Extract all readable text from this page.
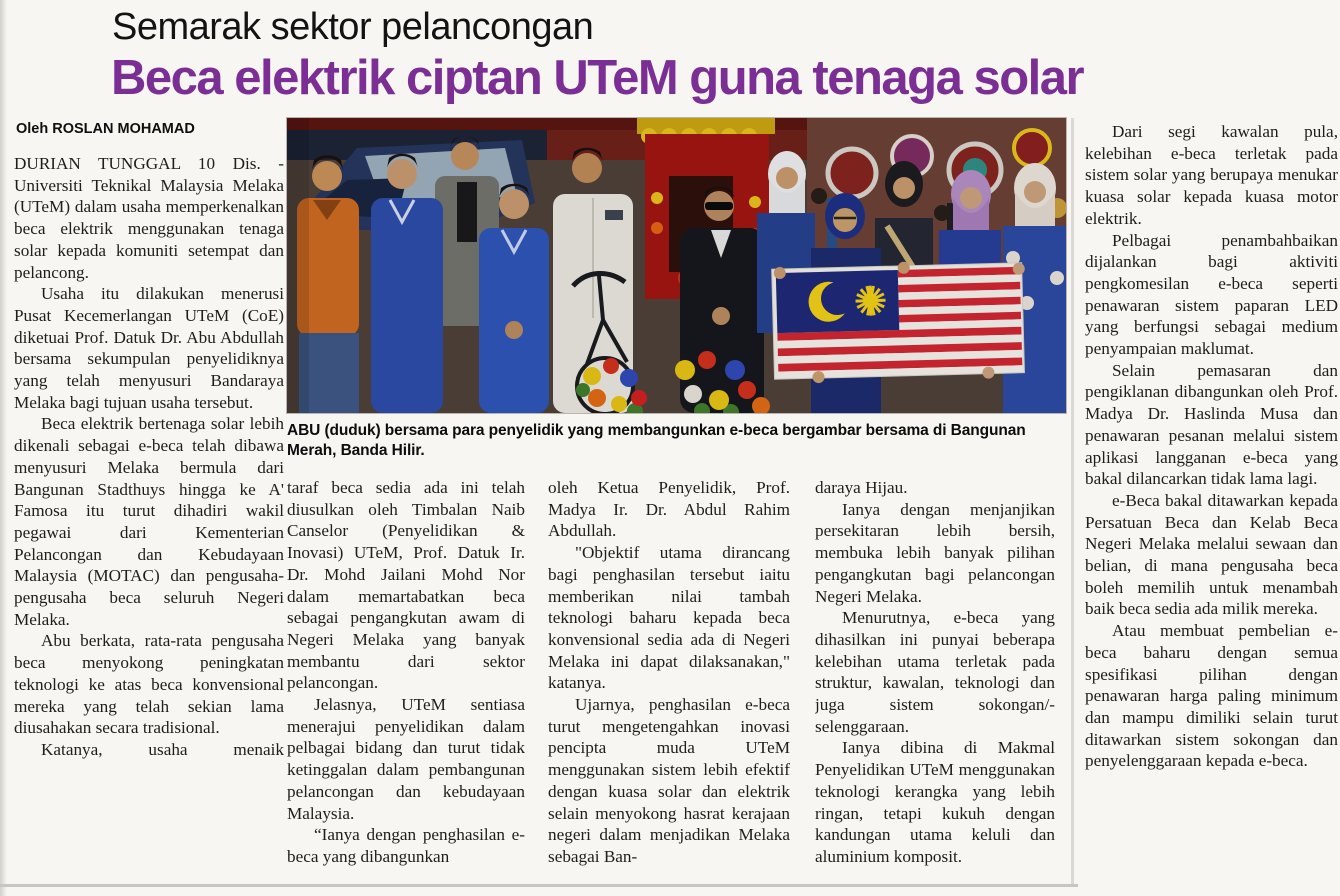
Semarak sektor pelancongan
Beca elektrik ciptan UTeM guna tenaga solar
Oleh ROSLAN MOHAMAD

DURIAN TUNGGAL 10 Dis. - Universiti Teknikal Malaysia Melaka (UTeM) dalam usaha memperkenalkan beca elektrik menggunakan tenaga solar kepada komuniti setempat dan pelancong.

Usaha itu dilakukan menerusi Pusat Kecemerlangan UTeM (CoE) diketuai Prof. Datuk Dr. Abu Abdullah bersama sekumpulan penyelidiknya yang telah menyusuri Bandaraya Melaka bagi tujuan usaha tersebut.

Beca elektrik bertenaga solar lebih dikenali sebagai e-beca telah dibawa menyusuri Melaka bermula dari Bangunan Stadthuys hingga ke A' Famosa itu turut dihadiri wakil pegawai dari Kementerian Pelancongan dan Kebudayaan Malaysia (MOTAC) dan pengusaha-pengusaha beca seluruh Negeri Melaka.

Abu berkata, rata-rata pengusaha beca menyokong peningkatan teknologi ke atas beca konvensional mereka yang telah sekian lama diusahakan secara tradisional.

Katanya, usaha menaik

ABU (duduk) bersama para penyelidik yang membangunkan e-beca bergambar bersama di Bangunan Merah, Banda Hilir.

taraf beca sedia ada ini telah diusulkan oleh Timbalan Naib Canselor (Penyelidikan & Inovasi) UTeM, Prof. Datuk Ir. Dr. Mohd Jailani Mohd Nor dalam memartabatkan beca sebagai pengangkutan awam di Negeri Melaka yang banyak membantu dari sektor pelancongan.

Jelasnya, UTeM sentiasa menerajui penyelidikan dalam pelbagai bidang dan turut tidak ketinggalan dalam pembangunan pelancongan dan kebudayaan Malaysia.

“Ianya dengan penghasilan e-beca yang dibangunkan

oleh Ketua Penyelidik, Prof. Madya Ir. Dr. Abdul Rahim Abdullah.

"Objektif utama dirancang bagi penghasilan tersebut iaitu memberikan nilai tambah teknologi baharu kepada beca konvensional sedia ada di Negeri Melaka ini dapat dilaksanakan," katanya.

Ujarnya, penghasilan e-beca turut mengetengahkan inovasi pencipta muda UTeM menggunakan sistem lebih efektif dengan kuasa solar dan elektrik selain menyokong hasrat kerajaan negeri dalam menjadikan Melaka sebagai Ban-

daraya Hijau.

Ianya dengan menjanjikan persekitaran lebih bersih, membuka lebih banyak pilihan pengangkutan bagi pelancongan Negeri Melaka.

Menurutnya, e-beca yang dihasilkan ini punyai beberapa kelebihan utama terletak pada struktur, kawalan, teknologi dan juga sistem sokongan/-selenggaraan.

Ianya dibina di Makmal Penyelidikan UTeM menggunakan teknologi kerangka yang lebih ringan, tetapi kukuh dengan kandungan utama keluli dan aluminium komposit.

Dari segi kawalan pula, kelebihan e-beca terletak pada sistem solar yang berupaya menukar kuasa solar kepada kuasa motor elektrik.

Pelbagai penambahbaikan dijalankan bagi aktiviti pengkomesilan e-beca seperti penawaran sistem paparan LED yang berfungsi sebagai medium penyampaian maklumat.

Selain pemasaran dan pengiklanan dibangunkan oleh Prof. Madya Dr. Haslinda Musa dan penawaran pesanan melalui sistem aplikasi langganan e-beca yang bakal dilancarkan tidak lama lagi.

e-Beca bakal ditawarkan kepada Persatuan Beca dan Kelab Beca Negeri Melaka melalui sewaan dan belian, di mana pengusaha beca boleh memilih untuk menambah baik beca sedia ada milik mereka.

Atau membuat pembelian e-beca baharu dengan semua spesifikasi pilihan dengan penawaran harga paling minimum dan mampu dimiliki selain turut ditawarkan sistem sokongan dan penyelenggaraan kepada e-beca.
